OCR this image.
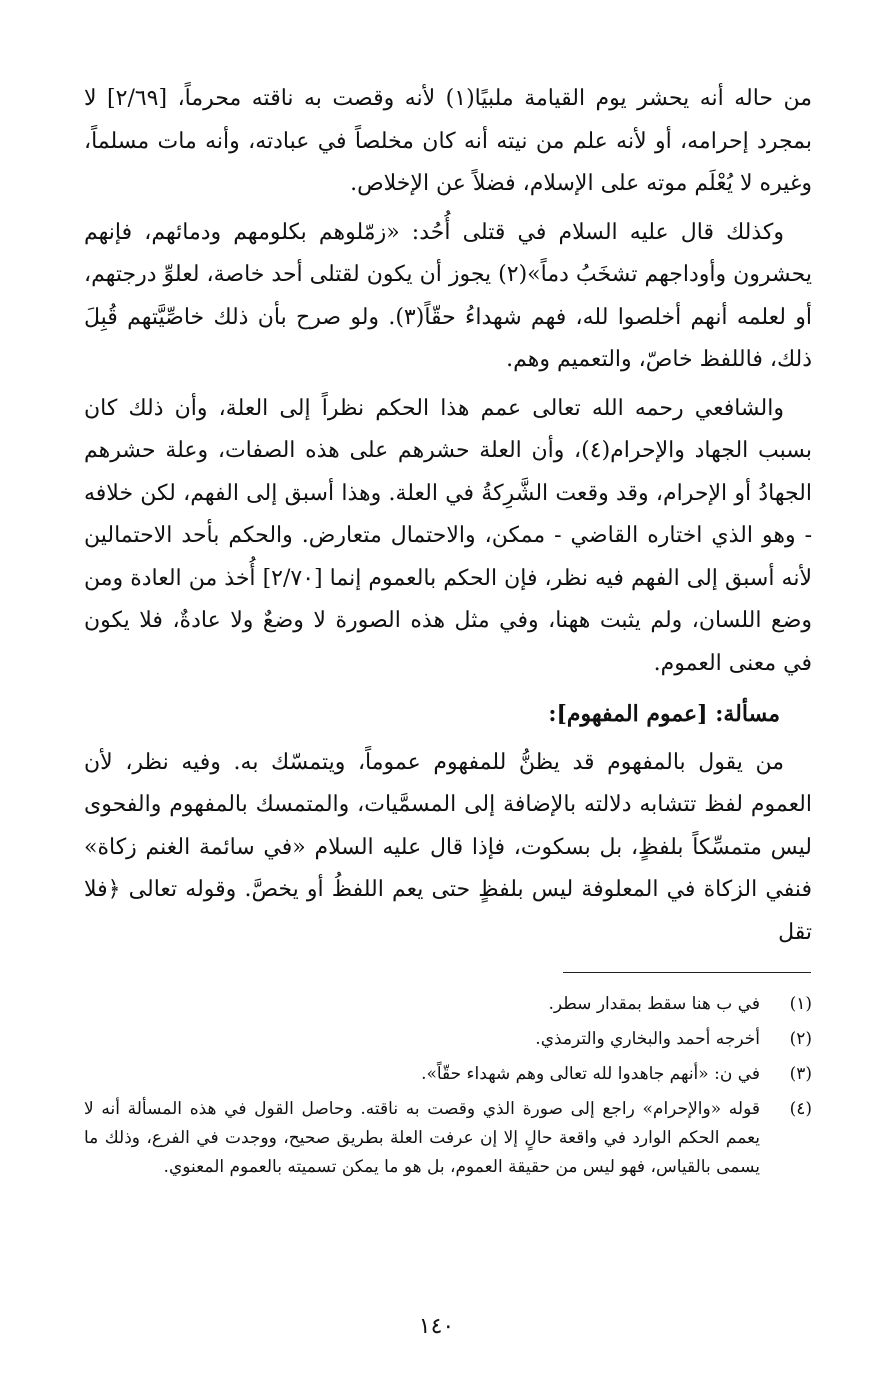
من حاله أنه يحشر يوم القيامة ملبيًا(١) لأنه وقصت به ناقته محرماً، [٢/٦٩] لا بمجرد إحرامه، أو لأنه علم من نيته أنه كان مخلصاً في عبادته، وأنه مات مسلماً، وغيره لا يُعْلَم موته على الإسلام، فضلاً عن الإخلاص.

وكذلك قال عليه السلام في قتلى أُحُد: «زمّلوهم بكلومهم ودمائهم، فإنهم يحشرون وأوداجهم تشخَبُ دماً»(٢) يجوز أن يكون لقتلى أحد خاصة، لعلوِّ درجتهم، أو لعلمه أنهم أخلصوا لله، فهم شهداءُ حقّاً(٣). ولو صرح بأن ذلك خاصِّيَّتهم قُبِلَ ذلك، فاللفظ خاصّ، والتعميم وهم.

والشافعي رحمه الله تعالى عمم هذا الحكم نظراً إلى العلة، وأن ذلك كان بسبب الجهاد والإحرام(٤)، وأن العلة حشرهم على هذه الصفات، وعلة حشرهم الجهادُ أو الإحرام، وقد وقعت الشَّرِكةُ في العلة. وهذا أسبق إلى الفهم، لكن خلافه - وهو الذي اختاره القاضي - ممكن، والاحتمال متعارض. والحكم بأحد الاحتمالين لأنه أسبق إلى الفهم فيه نظر، فإن الحكم بالعموم إنما [٢/٧٠] أُخذ من العادة ومن وضع اللسان، ولم يثبت ههنا، وفي مثل هذه الصورة لا وضعٌ ولا عادةٌ، فلا يكون في معنى العموم.

مسألة: [عموم المفهوم]:

من يقول بالمفهوم قد يظنُّ للمفهوم عموماً، ويتمسّك به. وفيه نظر، لأن العموم لفظ تتشابه دلالته بالإضافة إلى المسمَّيات، والمتمسك بالمفهوم والفحوى ليس متمسِّكاً بلفظٍ، بل بسكوت، فإذا قال عليه السلام «في سائمة الغنم زكاة» فنفي الزكاة في المعلوفة ليس بلفظٍ حتى يعم اللفظُ أو يخصَّ. وقوله تعالى ﴿فلا تقل

(١)
في ب هنا سقط بمقدار سطر.
(٢)
أخرجه أحمد والبخاري والترمذي.
(٣)
في ن: «أنهم جاهدوا لله تعالى وهم شهداء حقّاً».
(٤)
قوله «والإحرام» راجع إلى صورة الذي وقصت به ناقته. وحاصل القول في هذه المسألة أنه لا يعمم الحكم الوارد في واقعة حالٍ إلا إن عرفت العلة بطريق صحيح، ووجدت في الفرع، وذلك ما يسمى بالقياس، فهو ليس من حقيقة العموم، بل هو ما يمكن تسميته بالعموم المعنوي.
١٤٠
